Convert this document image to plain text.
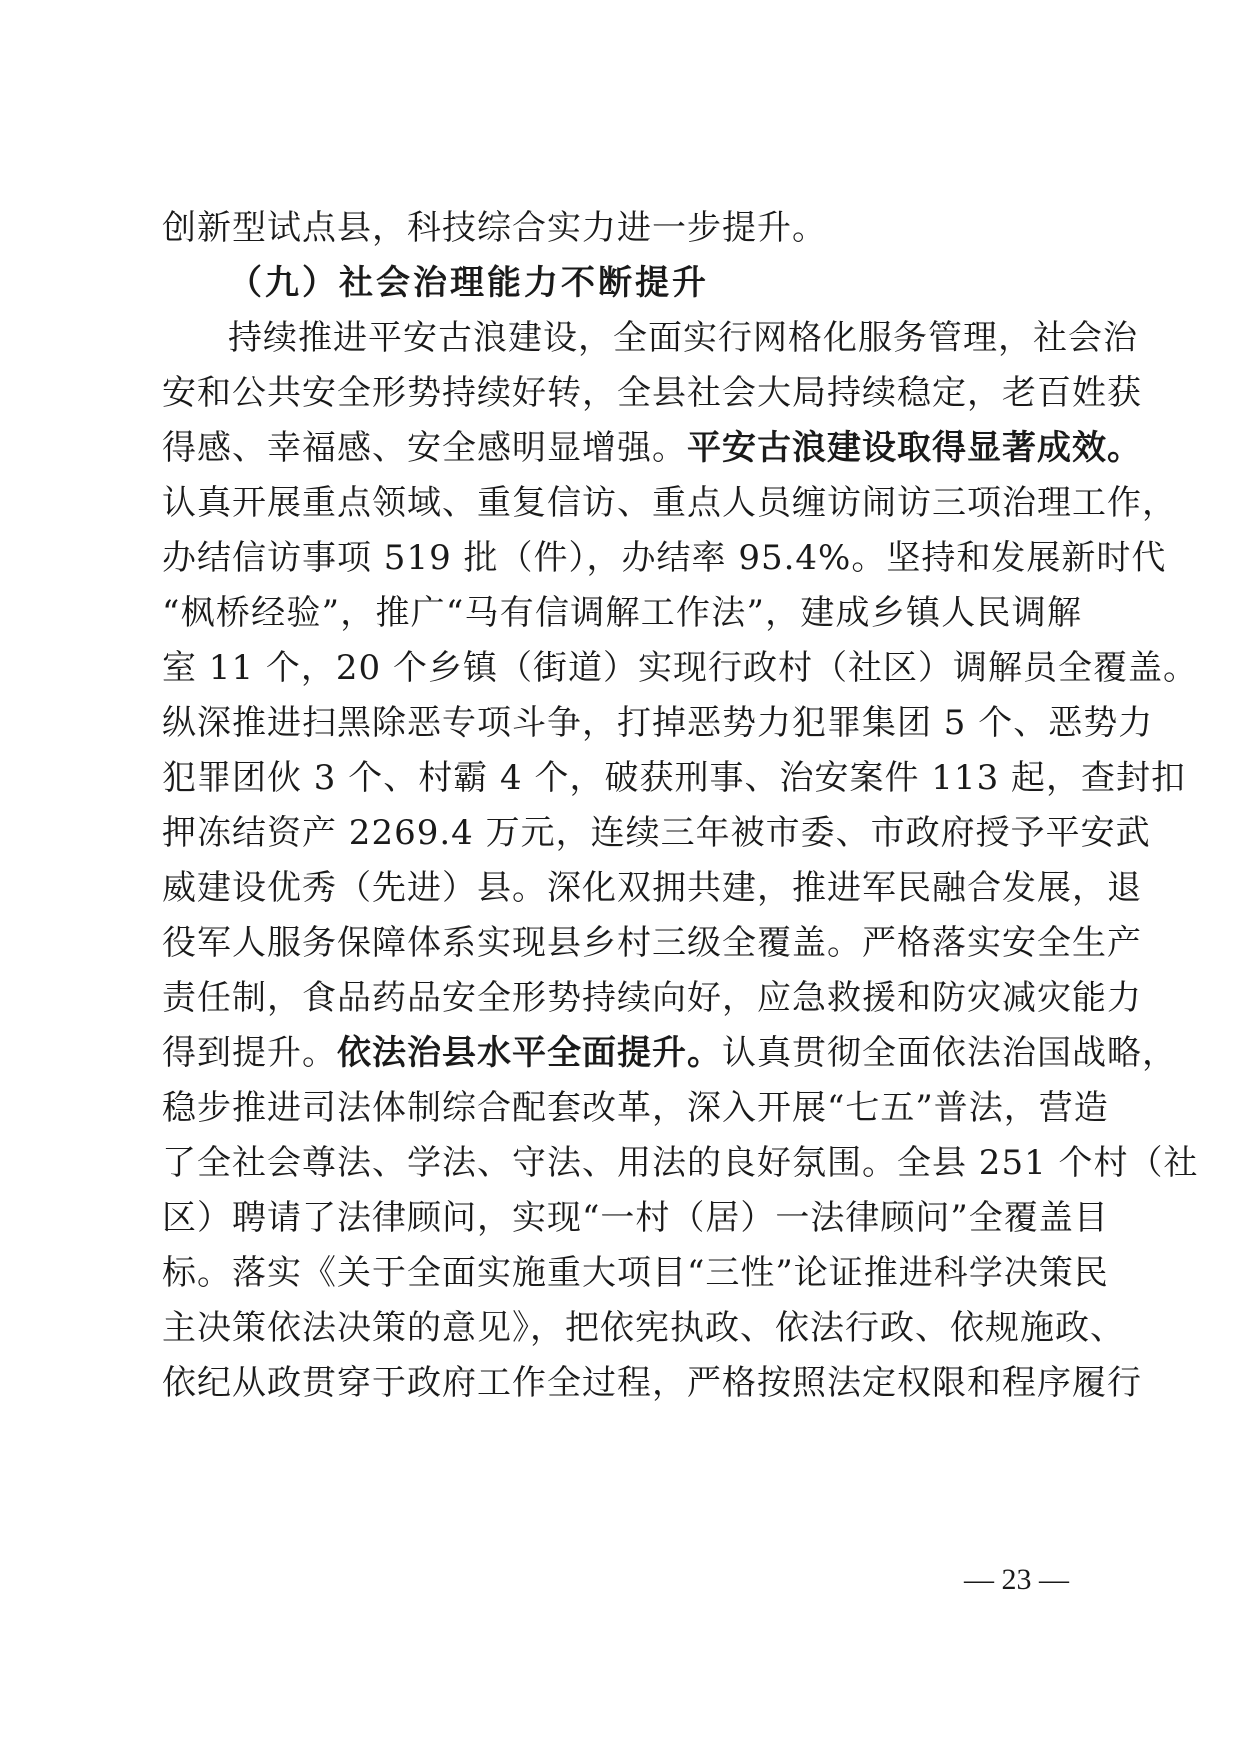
创新型试点县，科技综合实力进一步提升。
（九）社会治理能力不断提升
持续推进平安古浪建设，全面实行网格化服务管理，社会治
安和公共安全形势持续好转，全县社会大局持续稳定，老百姓获
得感、幸福感、安全感明显增强。平安古浪建设取得显著成效。
认真开展重点领域、重复信访、重点人员缠访闹访三项治理工作，
办结信访事项 519 批（件），办结率 95.4%。坚持和发展新时代
“枫桥经验”，推广“马有信调解工作法”，建成乡镇人民调解
室 11 个，20 个乡镇（街道）实现行政村（社区）调解员全覆盖。
纵深推进扫黑除恶专项斗争，打掉恶势力犯罪集团 5 个、恶势力
犯罪团伙 3 个、村霸 4 个，破获刑事、治安案件 113 起，查封扣
押冻结资产 2269.4 万元，连续三年被市委、市政府授予平安武
威建设优秀（先进）县。深化双拥共建，推进军民融合发展，退
役军人服务保障体系实现县乡村三级全覆盖。严格落实安全生产
责任制，食品药品安全形势持续向好，应急救援和防灾减灾能力
得到提升。依法治县水平全面提升。认真贯彻全面依法治国战略，
稳步推进司法体制综合配套改革，深入开展“七五”普法，营造
了全社会尊法、学法、守法、用法的良好氛围。全县 251 个村（社
区）聘请了法律顾问，实现“一村（居）一法律顾问”全覆盖目
标。落实《关于全面实施重大项目“三性”论证推进科学决策民
主决策依法决策的意见》，把依宪执政、依法行政、依规施政、
依纪从政贯穿于政府工作全过程，严格按照法定权限和程序履行
— 23 —
